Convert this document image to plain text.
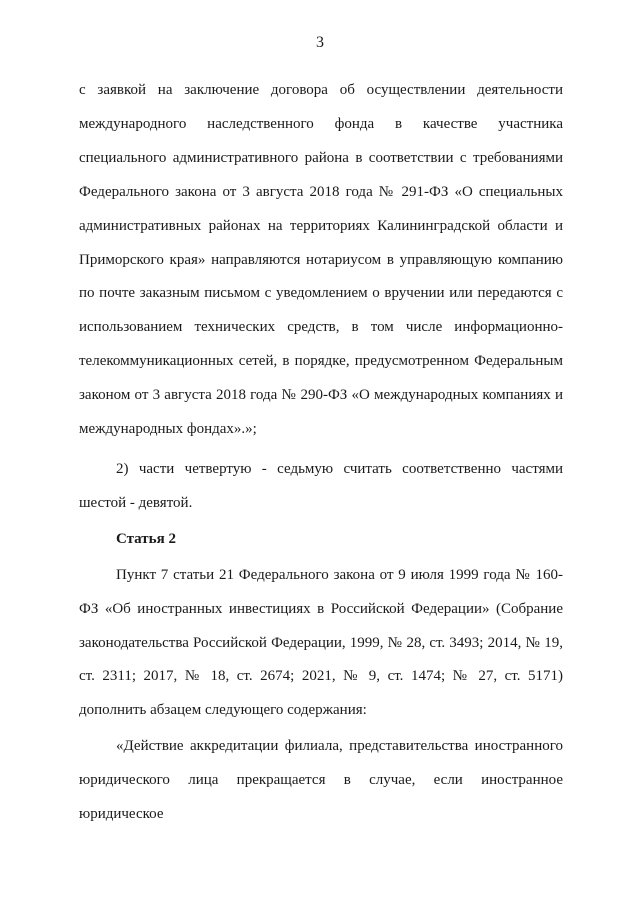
3

с заявкой на заключение договора об осуществлении деятельности международного наследственного фонда в качестве участника специального административного района в соответствии с требованиями Федерального закона от 3 августа 2018 года № 291-ФЗ «О специальных административных районах на территориях Калининградской области и Приморского края» направляются нотариусом в управляющую компанию по почте заказным письмом с уведомлением о вручении или передаются с использованием технических средств, в том числе информационно-телекоммуникационных сетей, в порядке, предусмотренном Федеральным законом от 3 августа 2018 года № 290-ФЗ «О международных компаниях и международных фондах».»;

2) части четвертую - седьмую считать соответственно частями шестой - девятой.

Статья 2

Пункт 7 статьи 21 Федерального закона от 9 июля 1999 года № 160-ФЗ «Об иностранных инвестициях в Российской Федерации» (Собрание законодательства Российской Федерации, 1999, № 28, ст. 3493; 2014, № 19, ст. 2311; 2017, № 18, ст. 2674; 2021, № 9, ст. 1474; № 27, ст. 5171) дополнить абзацем следующего содержания:

«Действие аккредитации филиала, представительства иностранного юридического лица прекращается в случае, если иностранное юридическое
